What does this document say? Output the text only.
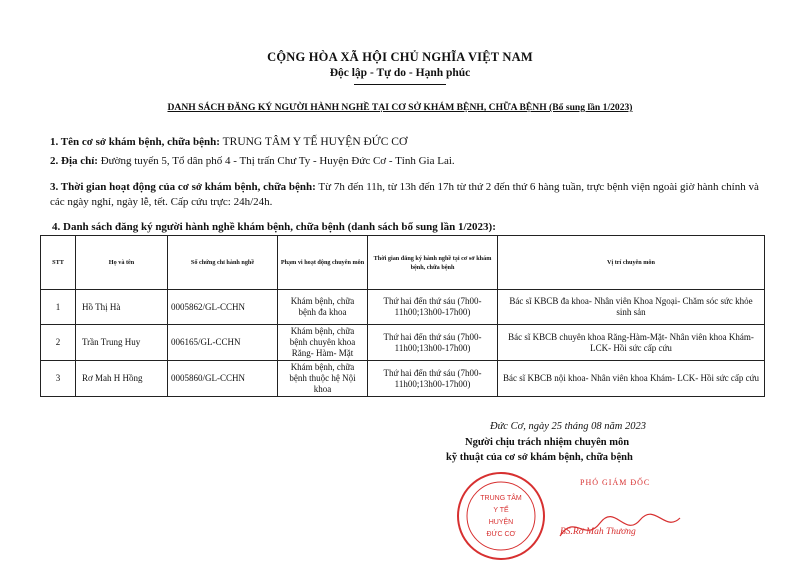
CỘNG HÒA XÃ HỘI CHỦ NGHĨA VIỆT NAM
Độc lập - Tự do - Hạnh phúc
DANH SÁCH ĐĂNG KÝ NGƯỜI HÀNH NGHỀ TẠI CƠ SỞ KHÁM BỆNH, CHỮA BỆNH (Bổ sung lần 1/2023)
1. Tên cơ sở khám bệnh, chữa bệnh: TRUNG TÂM Y TẾ HUYỆN ĐỨC CƠ
2. Địa chỉ: Đường tuyến 5, Tổ dân phố 4 - Thị trấn Chư Ty - Huyện Đức Cơ - Tỉnh Gia Lai.
3. Thời gian hoạt động của cơ sở khám bệnh, chữa bệnh: Từ 7h đến 11h, từ 13h đến 17h từ thứ 2 đến thứ 6 hàng tuần, trực bệnh viện ngoài giờ hành chính và các ngày nghỉ, ngày lễ, tết. Cấp cứu trực: 24h/24h.
4. Danh sách đăng ký người hành nghề khám bệnh, chữa bệnh (danh sách bổ sung lần 1/2023):
STT	Họ và tên	Số chứng chỉ hành nghề	Phạm vi hoạt động chuyên môn	Thời gian đăng ký hành nghề tại cơ sở khám bệnh, chữa bệnh	Vị trí chuyên môn
1	Hồ Thị Hà	0005862/GL-CCHN	Khám bệnh, chữa bệnh đa khoa	Thứ hai đến thứ sáu (7h00-11h00;13h00-17h00)	Bác sĩ KBCB đa khoa- Nhân viên Khoa Ngoại- Chăm sóc sức khỏe sinh sản
2	Trần Trung Huy	006165/GL-CCHN	Khám bệnh, chữa bệnh chuyên khoa Răng- Hàm- Mặt	Thứ hai đến thứ sáu (7h00-11h00;13h00-17h00)	Bác sĩ KBCB chuyên khoa Răng-Hàm-Mặt- Nhân viên khoa Khám- LCK- Hồi sức cấp cứu
3	Rơ Mah H Hồng	0005860/GL-CCHN	Khám bệnh, chữa bệnh thuộc hệ Nội khoa	Thứ hai đến thứ sáu (7h00-11h00;13h00-17h00)	Bác sĩ KBCB nội khoa- Nhân viên khoa Khám- LCK- Hồi sức cấp cứu
Đức Cơ, ngày 25 tháng 08 năm 2023
Người chịu trách nhiệm chuyên môn
kỹ thuật của cơ sở khám bệnh, chữa bệnh
TRUNG TÂM
Y TẾ
HUYỆN
ĐỨC CƠ
PHÓ GIÁM ĐỐC
BS.Rơ Mah Thương
